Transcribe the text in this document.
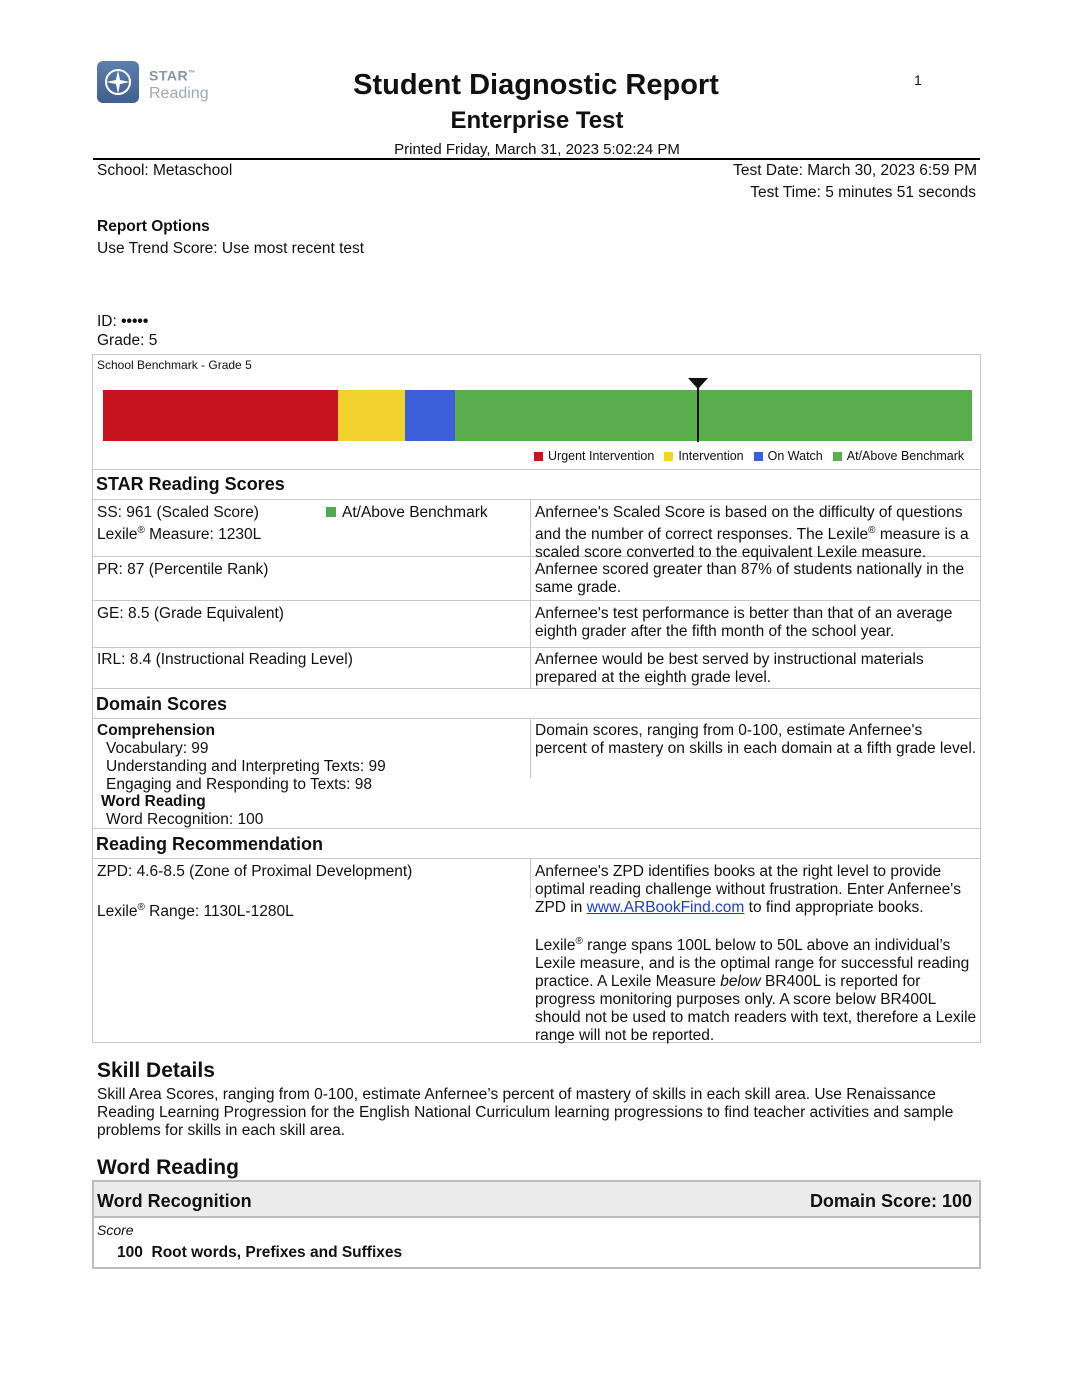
STAR™
Reading	Student Diagnostic Report
Enterprise Test
Printed Friday, March 31, 2023 5:02:24 PM
1
School: Metaschool	Test Date: March 30, 2023 6:59 PM
Test Time: 5 minutes 51 seconds
Report Options
Use Trend Score: Use most recent test
ID: •••••
Grade: 5
School Benchmark - Grade 5
Urgent Intervention Intervention On Watch At/Above Benchmark
STAR Reading Scores
SS: 961 (Scaled Score)
Lexile® Measure: 1230L
At/Above Benchmark	Anfernee's Scaled Score is based on the difficulty of questions and the number of correct responses. The Lexile® measure is a scaled score converted to the equivalent Lexile measure.
PR: 87 (Percentile Rank)	Anfernee scored greater than 87% of students nationally in the same grade.
GE: 8.5 (Grade Equivalent)	Anfernee's test performance is better than that of an average eighth grader after the fifth month of the school year.
IRL: 8.4 (Instructional Reading Level)	Anfernee would be best served by instructional materials prepared at the eighth grade level.
Domain Scores
Comprehension
Vocabulary: 99
Understanding and Interpreting Texts: 99
Engaging and Responding to Texts: 98
Word Reading
Word Recognition: 100
Domain scores, ranging from 0-100, estimate Anfernee's percent of mastery on skills in each domain at a fifth grade level.
Reading Recommendation
ZPD: 4.6-8.5 (Zone of Proximal Development)
Lexile® Range: 1130L-1280L
Anfernee's ZPD identifies books at the right level to provide optimal reading challenge without frustration. Enter Anfernee's ZPD in www.ARBookFind.com to find appropriate books.
Lexile® range spans 100L below to 50L above an individual’s Lexile measure, and is the optimal range for successful reading practice. A Lexile Measure below BR400L is reported for progress monitoring purposes only. A score below BR400L should not be used to match readers with text, therefore a Lexile range will not be reported.
Skill Details
Skill Area Scores, ranging from 0-100, estimate Anfernee’s percent of mastery of skills in each skill area. Use Renaissance Reading Learning Progression for the English National Curriculum learning progressions to find teacher activities and sample problems for skills in each skill area.
Word Reading
Word Recognition	Domain Score: 100
Score
100 Root words, Prefixes and Suffixes
